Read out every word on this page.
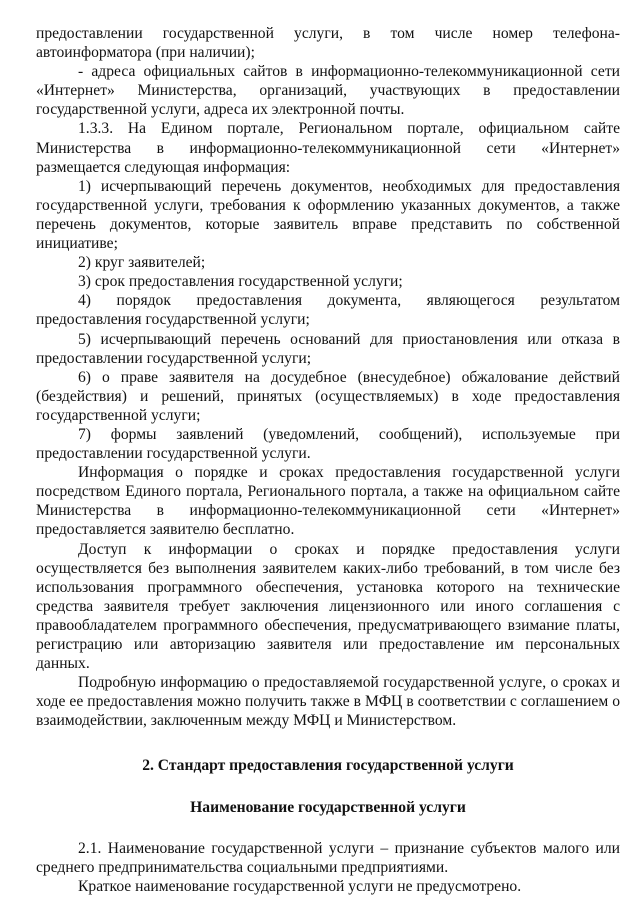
предоставлении государственной услуги, в том числе номер телефона-автоинформатора (при наличии);

- адреса официальных сайтов в информационно-телекоммуникационной сети «Интернет» Министерства, организаций, участвующих в предоставлении государственной услуги, адреса их электронной почты.

1.3.3. На Едином портале, Региональном портале, официальном сайте Министерства в информационно-телекоммуникационной сети «Интернет» размещается следующая информация:

1) исчерпывающий перечень документов, необходимых для предоставления государственной услуги, требования к оформлению указанных документов, а также перечень документов, которые заявитель вправе представить по собственной инициативе;

2) круг заявителей;

3) срок предоставления государственной услуги;

4) порядок предоставления документа, являющегося результатом предоставления государственной услуги;

5) исчерпывающий перечень оснований для приостановления или отказа в предоставлении государственной услуги;

6) о праве заявителя на досудебное (внесудебное) обжалование действий (бездействия) и решений, принятых (осуществляемых) в ходе предоставления государственной услуги;

7) формы заявлений (уведомлений, сообщений), используемые при предоставлении государственной услуги.

Информация о порядке и сроках предоставления государственной услуги посредством Единого портала, Регионального портала, а также на официальном сайте Министерства в информационно-телекоммуникационной сети «Интернет» предоставляется заявителю бесплатно.

Доступ к информации о сроках и порядке предоставления услуги осуществляется без выполнения заявителем каких-либо требований, в том числе без использования программного обеспечения, установка которого на технические средства заявителя требует заключения лицензионного или иного соглашения с правообладателем программного обеспечения, предусматривающего взимание платы, регистрацию или авторизацию заявителя или предоставление им персональных данных.

Подробную информацию о предоставляемой государственной услуге, о сроках и ходе ее предоставления можно получить также в МФЦ в соответствии с соглашением о взаимодействии, заключенным между МФЦ и Министерством.

2. Стандарт предоставления государственной услуги

Наименование государственной услуги

2.1. Наименование государственной услуги – признание субъектов малого или среднего предпринимательства социальными предприятиями.

Краткое наименование государственной услуги не предусмотрено.
